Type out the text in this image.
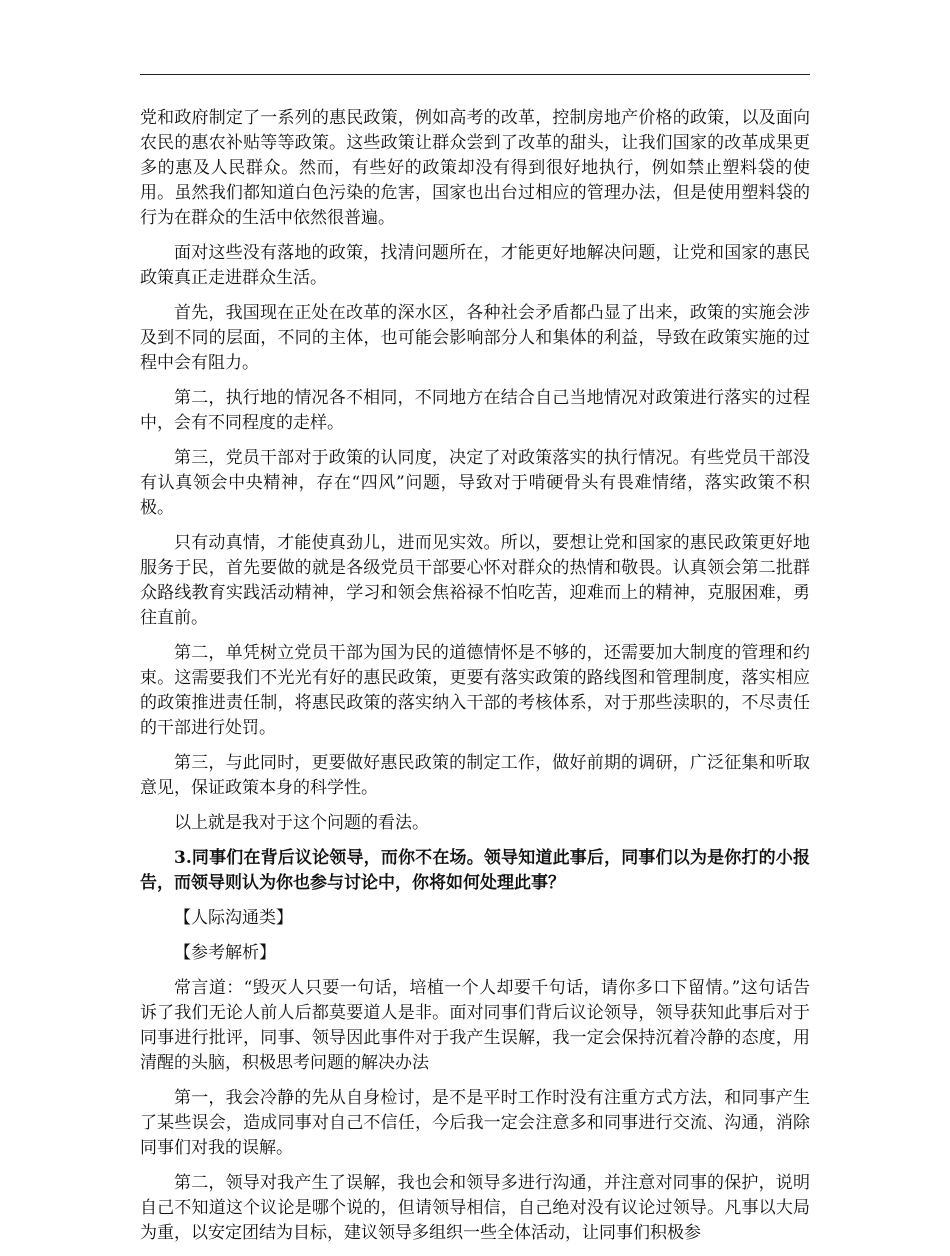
党和政府制定了一系列的惠民政策，例如高考的改革，控制房地产价格的政策，以及面向农民的惠农补贴等等政策。这些政策让群众尝到了改革的甜头，让我们国家的改革成果更多的惠及人民群众。然而，有些好的政策却没有得到很好地执行，例如禁止塑料袋的使用。虽然我们都知道白色污染的危害，国家也出台过相应的管理办法，但是使用塑料袋的行为在群众的生活中依然很普遍。

面对这些没有落地的政策，找清问题所在，才能更好地解决问题，让党和国家的惠民政策真正走进群众生活。

首先，我国现在正处在改革的深水区，各种社会矛盾都凸显了出来，政策的实施会涉及到不同的层面，不同的主体，也可能会影响部分人和集体的利益，导致在政策实施的过程中会有阻力。

第二，执行地的情况各不相同，不同地方在结合自己当地情况对政策进行落实的过程中，会有不同程度的走样。

第三，党员干部对于政策的认同度，决定了对政策落实的执行情况。有些党员干部没有认真领会中央精神，存在“四风”问题，导致对于啃硬骨头有畏难情绪，落实政策不积极。

只有动真情，才能使真劲儿，进而见实效。所以，要想让党和国家的惠民政策更好地服务于民，首先要做的就是各级党员干部要心怀对群众的热情和敬畏。认真领会第二批群众路线教育实践活动精神，学习和领会焦裕禄不怕吃苦，迎难而上的精神，克服困难，勇往直前。

第二，单凭树立党员干部为国为民的道德情怀是不够的，还需要加大制度的管理和约束。这需要我们不光光有好的惠民政策，更要有落实政策的路线图和管理制度，落实相应的政策推进责任制，将惠民政策的落实纳入干部的考核体系，对于那些渎职的，不尽责任的干部进行处罚。

第三，与此同时，更要做好惠民政策的制定工作，做好前期的调研，广泛征集和听取意见，保证政策本身的科学性。

以上就是我对于这个问题的看法。

3.同事们在背后议论领导，而你不在场。领导知道此事后，同事们以为是你打的小报告，而领导则认为你也参与讨论中，你将如何处理此事？

【人际沟通类】

【参考解析】

常言道：“毁灭人只要一句话，培植一个人却要千句话，请你多口下留情。”这句话告诉了我们无论人前人后都莫要道人是非。面对同事们背后议论领导，领导获知此事后对于同事进行批评，同事、领导因此事件对于我产生误解，我一定会保持沉着冷静的态度，用清醒的头脑，积极思考问题的解决办法

第一，我会冷静的先从自身检讨，是不是平时工作时没有注重方式方法，和同事产生了某些误会，造成同事对自己不信任，今后我一定会注意多和同事进行交流、沟通，消除同事们对我的误解。

第二，领导对我产生了误解，我也会和领导多进行沟通，并注意对同事的保护，说明自己不知道这个议论是哪个说的，但请领导相信，自己绝对没有议论过领导。凡事以大局为重，以安定团结为目标，建议领导多组织一些全体活动，让同事们积极参
